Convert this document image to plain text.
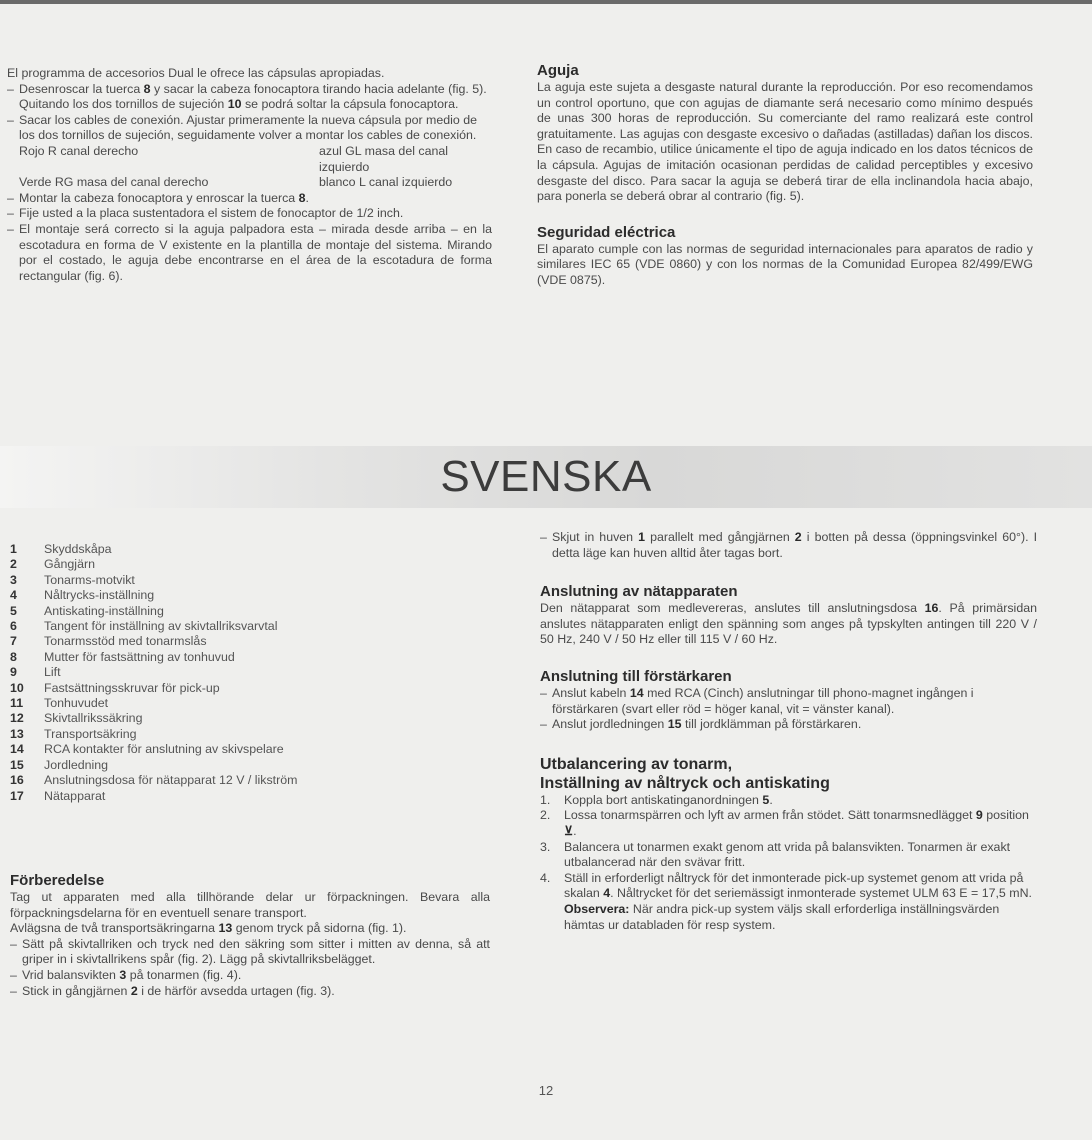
El programma de accesorios Dual le ofrece las cápsulas apropiadas.

– Desenroscar la tuerca 8 y sacar la cabeza fonocaptora tirando hacia adelante (fig. 5). Quitando los dos tornillos de sujeción 10 se podrá soltar la cápsula fonocaptora.

– Sacar los cables de conexión. Ajustar primeramente la nueva cápsula por medio de los dos tornillos de sujeción, seguidamente volver a montar los cables de conexión.

Rojo R canal derecho	azul GL masa del canal izquierdo
Verde RG masa del canal derecho	blanco L canal izquierdo

– Montar la cabeza fonocaptora y enroscar la tuerca 8.

– Fije usted a la placa sustentadora el sistem de fonocaptor de 1/2 inch.

– El montaje será correcto si la aguja palpadora esta – mirada desde arriba – en la escotadura en forma de V existente en la plantilla de montaje del sistema. Mirando por el costado, le aguja debe encontrarse en el área de la escotadura de forma rectangular (fig. 6).

Aguja

La aguja este sujeta a desgaste natural durante la reproducción. Por eso recomendamos un control oportuno, que con agujas de diamante será necesario como mínimo después de unas 300 horas de reproducción. Su comerciante del ramo realizará este control gratuitamente. Las agujas con desgaste excesivo o dañadas (astilladas) dañan los discos. En caso de recambio, utilice únicamente el tipo de aguja indicado en los datos técnicos de la cápsula. Agujas de imitación ocasionan perdidas de calidad perceptibles y excesivo desgaste del disco. Para sacar la aguja se deberá tirar de ella inclinandola hacia abajo, para ponerla se deberá obrar al contrario (fig. 5).

Seguridad eléctrica

El aparato cumple con las normas de seguridad internacionales para aparatos de radio y similares IEC 65 (VDE 0860) y con los normas de la Comunidad Europea 82/499/EWG (VDE 0875).

SVENSKA
1	Skyddskåpa
2	Gångjärn
3	Tonarms-motvikt
4	Nåltrycks-inställning
5	Antiskating-inställning
6	Tangent för inställning av skivtallriksvarvtal
7	Tonarmsstöd med tonarmslås
8	Mutter för fastsättning av tonhuvud
9	Lift
10	Fastsättningsskruvar för pick-up
11	Tonhuvudet
12	Skivtallrikssäkring
13	Transportsäkring
14	RCA kontakter för anslutning av skivspelare
15	Jordledning
16	Anslutningsdosa för nätapparat 12 V / likström
17	Nätapparat

Förberedelse

Tag ut apparaten med alla tillhörande delar ur förpackningen. Bevara alla förpackningsdelarna för en eventuell senare transport.

Avlägsna de två transportsäkringarna 13 genom tryck på sidorna (fig. 1).

– Sätt på skivtallriken och tryck ned den säkring som sitter i mitten av denna, så att griper in i skivtallrikens spår (fig. 2). Lägg på skivtallriksbelägget.

– Vrid balansvikten 3 på tonarmen (fig. 4).

– Stick in gångjärnen 2 i de härför avsedda urtagen (fig. 3).

– Skjut in huven 1 parallelt med gångjärnen 2 i botten på dessa (öppningsvinkel 60°). I detta läge kan huven alltid åter tagas bort.

Anslutning av nätapparaten

Den nätapparat som medlevereras, anslutes till anslutningsdosa 16. På primärsidan anslutes nätapparaten enligt den spänning som anges på typskylten antingen till 220 V / 50 Hz, 240 V / 50 Hz eller till 115 V / 60 Hz.

Anslutning till förstärkaren

– Anslut kabeln 14 med RCA (Cinch) anslutningar till phono-magnet ingången i förstärkaren (svart eller röd = höger kanal, vit = vänster kanal).

– Anslut jordledningen 15 till jordklämman på förstärkaren.

Utbalancering av tonarm,

Inställning av nåltryck och antiskating

1.	Koppla bort antiskatinganordningen 5.
2.	Lossa tonarmspärren och lyft av armen från stödet. Sätt tonarmsnedlägget 9 position ⊻.
3.	Balancera ut tonarmen exakt genom att vrida på balansvikten. Tonarmen är exakt utbalancerad när den svävar fritt.
4.	Ställ in erforderligt nåltryck för det inmonterade pick-up systemet genom att vrida på skalan 4. Nåltrycket för det seriemässigt inmonterade systemet ULM 63 E = 17,5 mN.
Observera: När andra pick-up system väljs skall erforderliga inställningsvärden hämtas ur databladen för resp system.
12
